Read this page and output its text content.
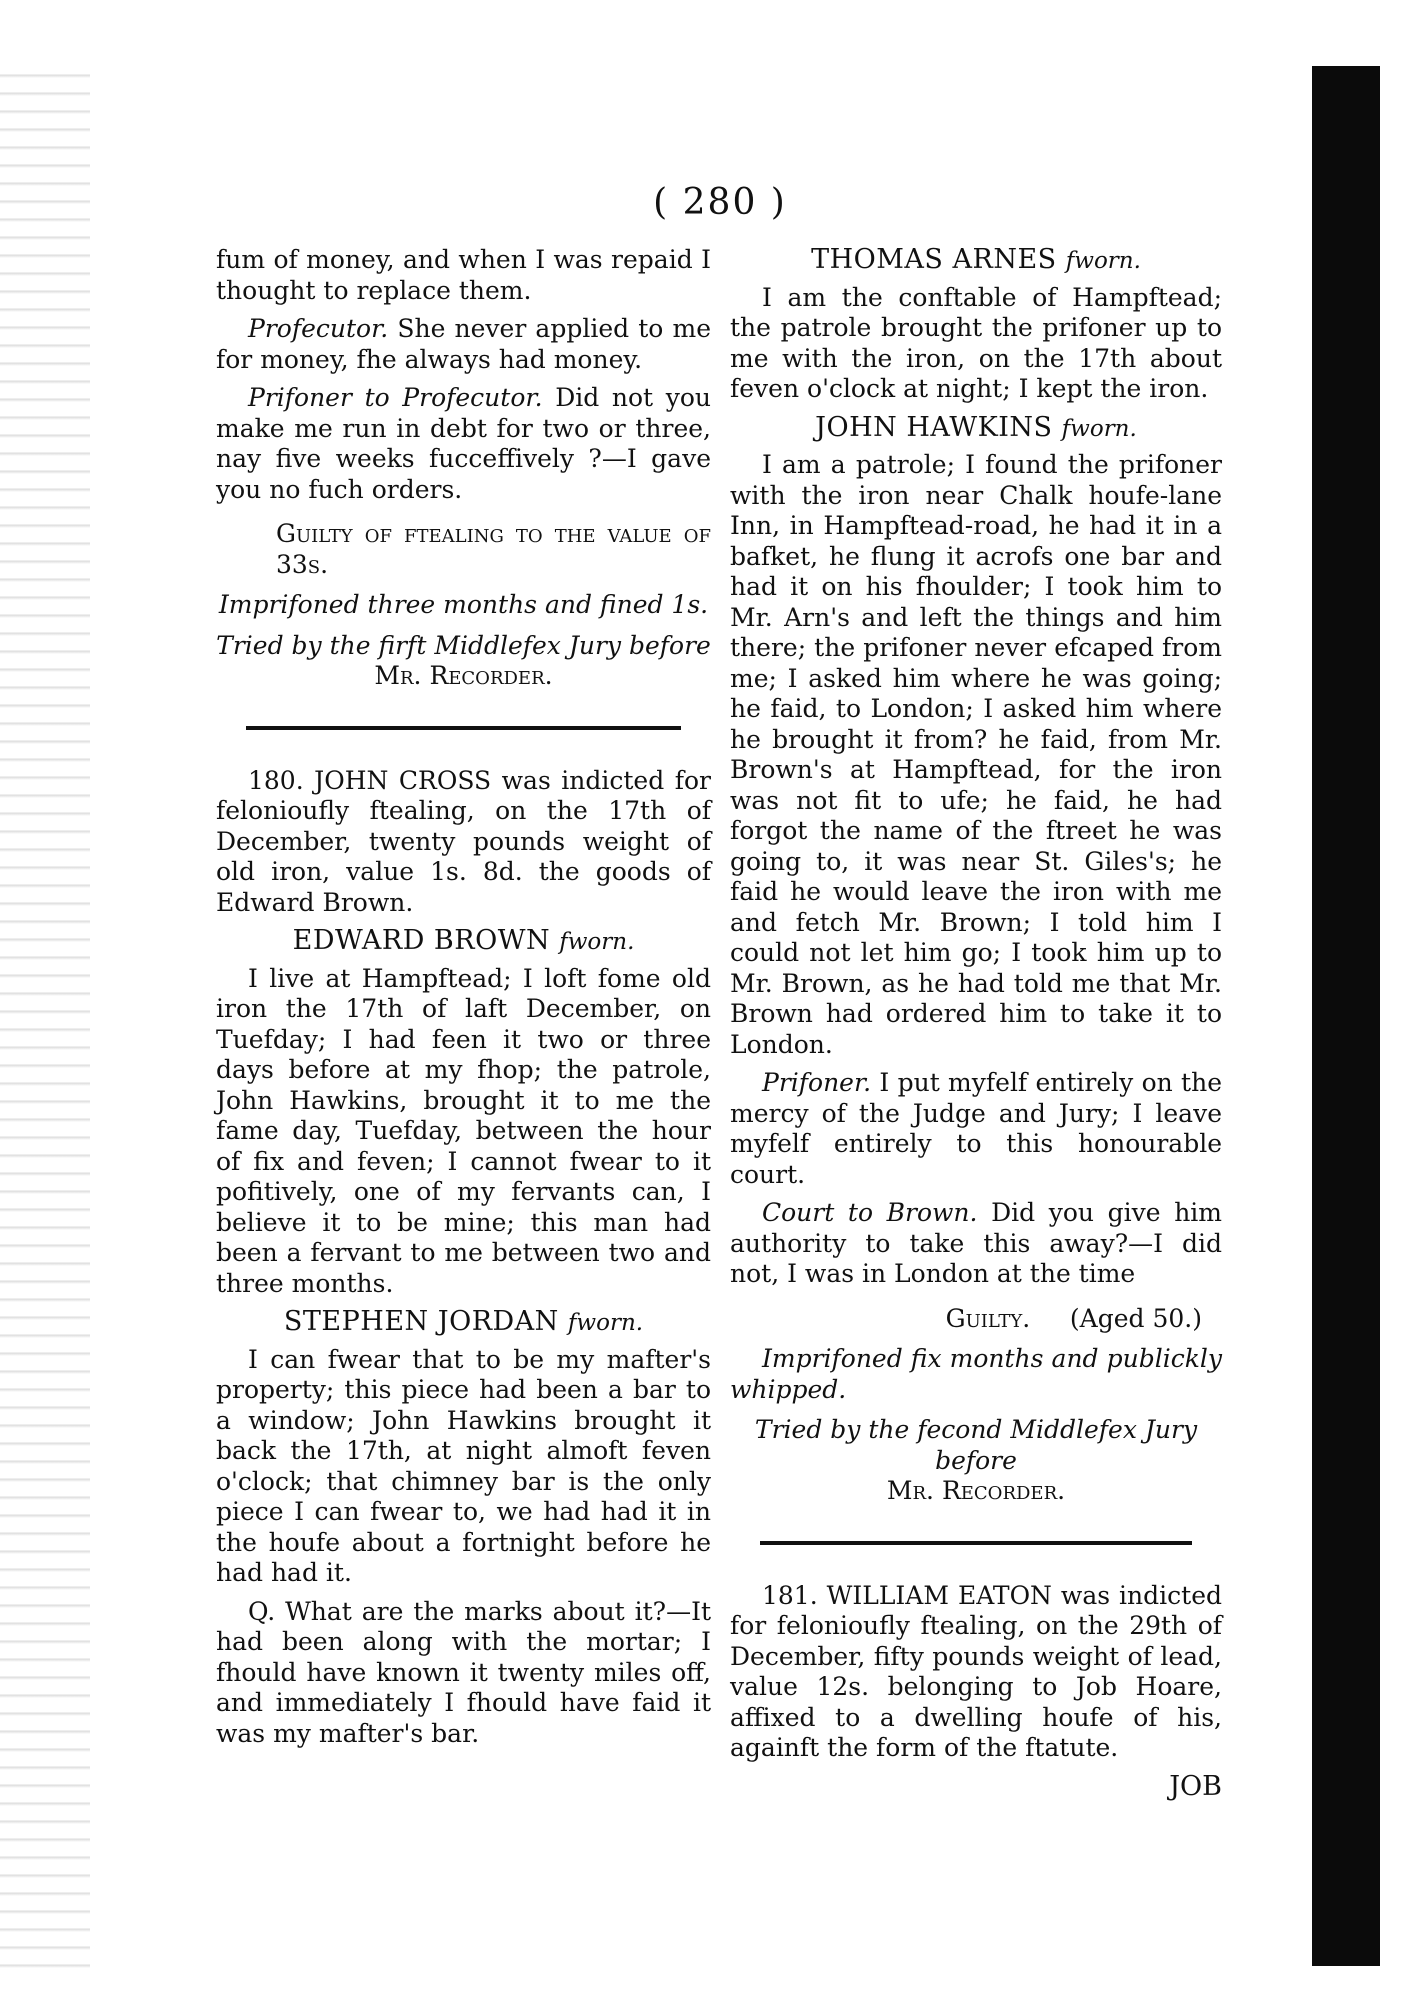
( 280 )

fum of money, and when I was repaid I thought to replace them.

Profecutor. She never applied to me for money, fhe always had money.

Prifoner to Profecutor. Did not you make me run in debt for two or three, nay five weeks fucceffively ?—I gave you no fuch orders.

Guilty of ftealing to the value of 33s.

Imprifoned three months and fined 1s.

Tried by the firft Middlefex Jury before

Mr. Recorder.

180. JOHN CROSS was indicted for felonioufly ftealing, on the 17th of December, twenty pounds weight of old iron, value 1s. 8d. the goods of Edward Brown.

EDWARD BROWN fworn.

I live at Hampftead; I loft fome old iron the 17th of laft December, on Tuefday; I had feen it two or three days before at my fhop; the patrole, John Hawkins, brought it to me the fame day, Tuefday, between the hour of fix and feven; I cannot fwear to it pofitively, one of my fervants can, I believe it to be mine; this man had been a fervant to me between two and three months.

STEPHEN JORDAN fworn.

I can fwear that to be my mafter's property; this piece had been a bar to a window; John Hawkins brought it back the 17th, at night almoft feven o'clock; that chimney bar is the only piece I can fwear to, we had had it in the houfe about a fortnight before he had had it.

Q. What are the marks about it?—It had been along with the mortar; I fhould have known it twenty miles off, and immediately I fhould have faid it was my mafter's bar.

THOMAS ARNES fworn.

I am the conftable of Hampftead; the patrole brought the prifoner up to me with the iron, on the 17th about feven o'clock at night; I kept the iron.

JOHN HAWKINS fworn.

I am a patrole; I found the prifoner with the iron near Chalk houfe-lane Inn, in Hampftead-road, he had it in a bafket, he flung it acrofs one bar and had it on his fhoulder; I took him to Mr. Arn's and left the things and him there; the prifoner never efcaped from me; I asked him where he was going; he faid, to London; I asked him where he brought it from? he faid, from Mr. Brown's at Hampftead, for the iron was not fit to ufe; he faid, he had forgot the name of the ftreet he was going to, it was near St. Giles's; he faid he would leave the iron with me and fetch Mr. Brown; I told him I could not let him go; I took him up to Mr. Brown, as he had told me that Mr. Brown had ordered him to take it to London.

Prifoner. I put myfelf entirely on the mercy of the Judge and Jury; I leave myfelf entirely to this honourable court.

Court to Brown. Did you give him authority to take this away?—I did not, I was in London at the time

Guilty. (Aged 50.)

Imprifoned fix months and publickly whipped.

Tried by the fecond Middlefex Jury before

Mr. Recorder.

181. WILLIAM EATON was indicted for felonioufly ftealing, on the 29th of December, fifty pounds weight of lead, value 12s. belonging to Job Hoare, affixed to a dwelling houfe of his, againft the form of the ftatute.

JOB
